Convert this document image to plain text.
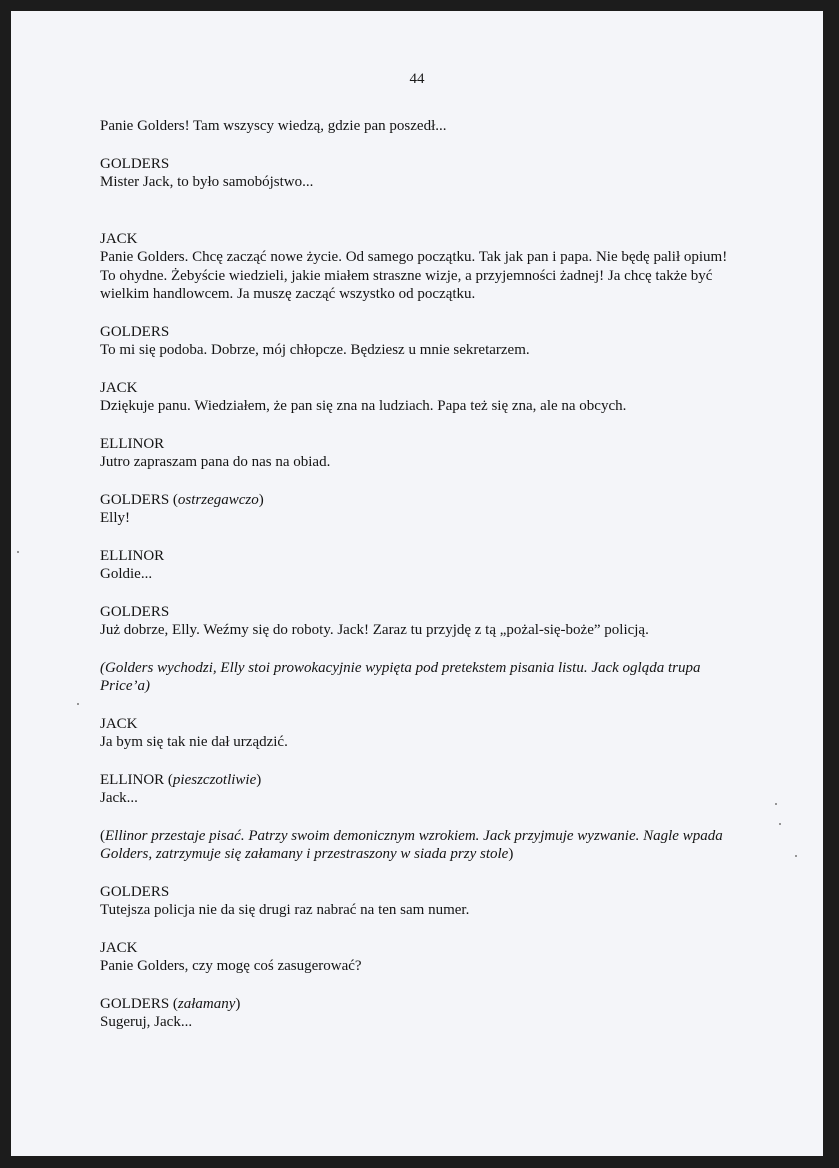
44
Panie Golders! Tam wszyscy wiedzą, gdzie pan poszedł...
GOLDERS
Mister Jack, to było samobójstwo...
JACK
Panie Golders. Chcę zacząć nowe życie. Od samego początku. Tak jak pan i papa. Nie będę palił opium! To ohydne. Żebyście wiedzieli, jakie miałem straszne wizje, a przyjemności żadnej! Ja chcę także być wielkim handlowcem. Ja muszę zacząć wszystko od początku.
GOLDERS
To mi się podoba. Dobrze, mój chłopcze. Będziesz u mnie sekretarzem.
JACK
Dziękuje panu. Wiedziałem, że pan się zna na ludziach. Papa też się zna, ale na obcych.
ELLINOR
Jutro zapraszam pana do nas na obiad.
GOLDERS (ostrzegawczo)
Elly!
ELLINOR
Goldie...
GOLDERS
Już dobrze, Elly. Weźmy się do roboty. Jack! Zaraz tu przyjdę z tą „pożal-się-boże” policją.
(Golders wychodzi, Elly stoi prowokacyjnie wypięta pod pretekstem pisania listu. Jack ogląda trupa Price’a)
JACK
Ja bym się tak nie dał urządzić.
ELLINOR (pieszczotliwie)
Jack...
(Ellinor przestaje pisać. Patrzy swoim demonicznym wzrokiem. Jack przyjmuje wyzwanie. Nagle wpada Golders, zatrzymuje się załamany i przestraszony w siada przy stole)
GOLDERS
Tutejsza policja nie da się drugi raz nabrać na ten sam numer.
JACK
Panie Golders, czy mogę coś zasugerować?
GOLDERS (załamany)
Sugeruj, Jack...
